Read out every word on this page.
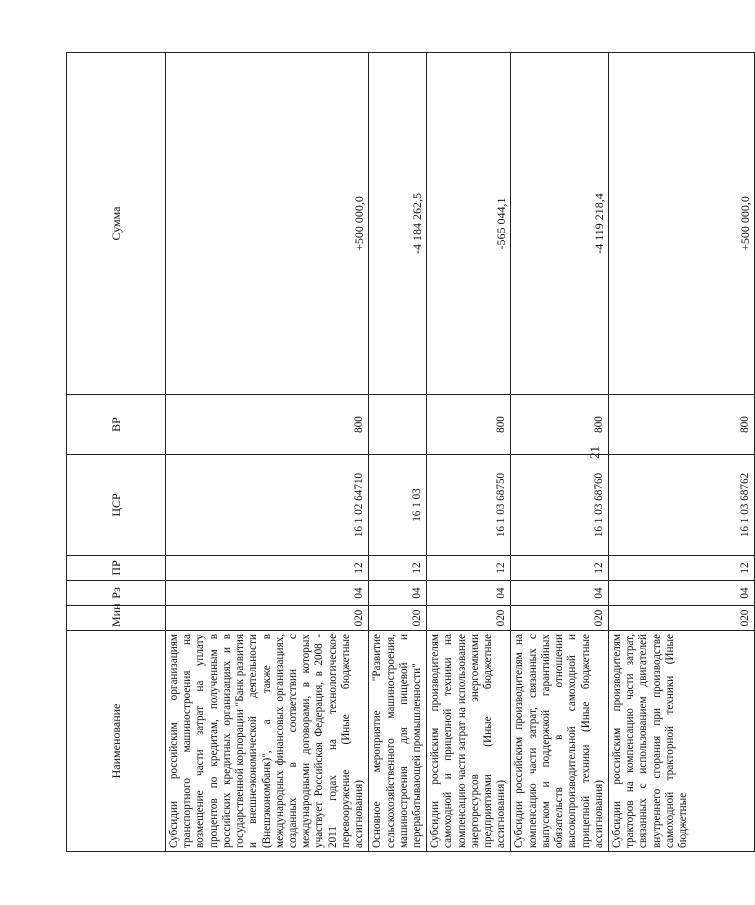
21
Наименование	Мин	Рз	ПР	ЦСР	ВР	Сумма
Субсидии российским организациям транспортного машиностроения на возмещение части затрат на уплату процентов по кредитам, полученным в российских кредитных организациях и в государственной корпорации "Банк развития и внешнеэкономической деятельности (Внешэкономбанк)", а также в международных финансовых организациях, созданных в соответствии с международными договорами, в которых участвует Российская Федерация, в 2008 - 2011 годах на технологическое перевооружение (Иные бюджетные ассигнования)	020	04	12	16 1 02 64710	800	+500 000,0
Основное мероприятие "Развитие сельскохозяйственного машиностроения, машиностроения для пищевой и перерабатывающей промышленности"	020	04	12	16 1 03		-4 184 262,5
Субсидии российским производителям самоходной и прицепной техники на компенсацию части затрат на использование энергоресурсов энергоемкими предприятиями (Иные бюджетные ассигнования)	020	04	12	16 1 03 68750	800	-565 044,1
Субсидии российским производителям на компенсацию части затрат, связанных с выпуском и поддержкой гарантийных обязательств в отношении высокопроизводительной самоходной и прицепной техники (Иные бюджетные ассигнования)	020	04	12	16 1 03 68760	800	-4 119 218,4

Субсидии российским производителям тракторов на компенсацию части затрат, связанных с использованием двигателей внутреннего сгорания при производстве самоходной тракторной техники (Иные бюджетные	020	04	12	16 1 03 68762	800	+500 000,0
